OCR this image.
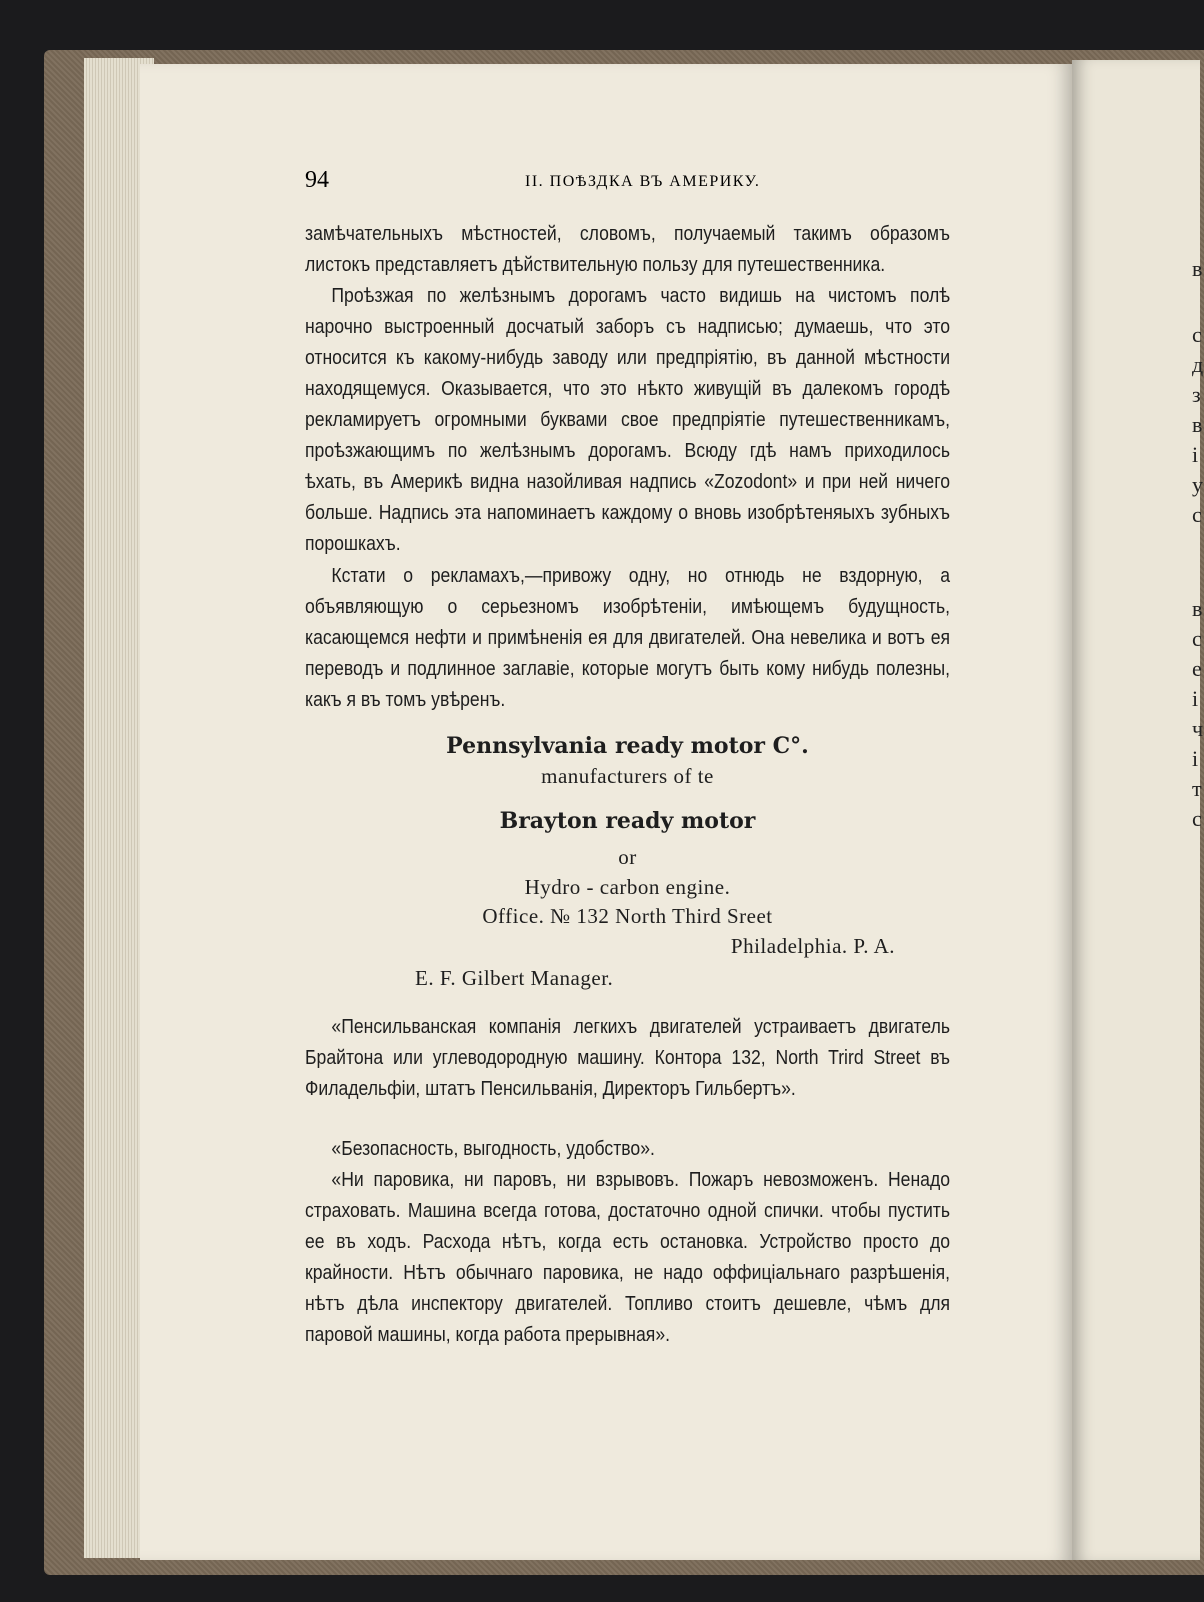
в
с
д
з
в
і
у
с
в
с
е
і
ч
і
т
с
94	II. ПОѢЗДКА ВЪ АМЕРИКУ.
замѣчательныхъ мѣстностей, словомъ, получаемый такимъ образомъ листокъ представляетъ дѣйствительную пользу для путешественника.
Проѣзжая по желѣзнымъ дорогамъ часто видишь на чистомъ полѣ нарочно выстроенный досчатый заборъ съ надписью; думаешь, что это относится къ какому-нибудь заводу или предпріятію, въ данной мѣстности находящемуся. Оказывается, что это нѣкто живущій въ далекомъ городѣ рекламируетъ огромными буквами свое предпріятіе путешественникамъ, проѣзжающимъ по желѣзнымъ дорогамъ. Всюду гдѣ намъ приходилось ѣхать, въ Америкѣ видна назойливая надпись «Zozodont» и при ней ничего больше. Надпись эта напоминаетъ каждому о вновь изобрѣтеняыхъ зубныхъ порошкахъ.
Кстати о рекламахъ,—привожу одну, но отнюдь не вздорную, а объявляющую о серьезномъ изобрѣтеніи, имѣющемъ будущность, касающемся нефти и примѣненія ея для двигателей. Она невелика и вотъ ея переводъ и подлинное заглавіе, которые могутъ быть кому нибудь полезны, какъ я въ томъ увѣренъ.
Pennsylvania ready motor C°.
manufacturers of te
Brayton ready motor
or
Hydro - carbon engine.
Office. № 132 North Third Sreet
Philadelphia. P. A.
E. F. Gilbert Manager.
«Пенсильванская компанія легкихъ двигателей устраиваетъ двигатель Брайтона или углеводородную машину. Контора 132, North Trird Street въ Филадельфіи, штатъ Пенсильванія, Директоръ Гильбертъ».
«Безопасность, выгодность, удобство».
«Ни паровика, ни паровъ, ни взрывовъ. Пожаръ невозможенъ. Ненадо страховать. Машина всегда готова, достаточно одной спички. чтобы пустить ее въ ходъ. Расхода нѣтъ, когда есть остановка. Устройство просто до крайности. Нѣтъ обычнаго паровика, не надо оффиціальнаго разрѣшенія, нѣтъ дѣла инспектору двигателей. Топливо стоитъ дешевле, чѣмъ для паровой машины, когда работа прерывная».
